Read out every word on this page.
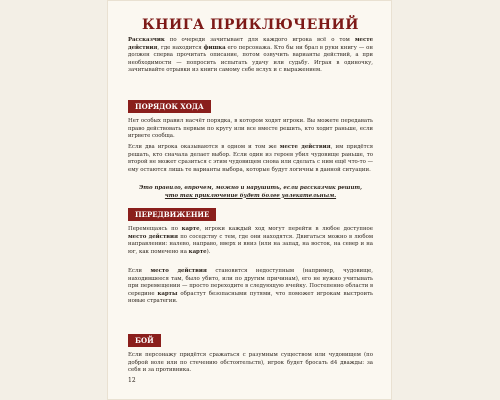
КНИГА ПРИКЛЮЧЕНИЙ
Рассказчик по очереди зачитывает для каждого игрока всё о том месте действия, где находится фишка его персонажа. Кто бы ни брал в руки книгу — он должен сперва прочитать описание, потом озвучить варианты действий, а при необходимости — попросить испытать удачу или судьбу. Играя в одиночку, зачитывайте отрывки из книги самому себе вслух и с выражением.
ПОРЯДОК ХОДА
Нет особых правил насчёт порядка, в котором ходят игроки. Вы можете передавать право действовать первым по кругу или все вместе решить, кто ходит раньше, если игрвете сообща.
Если два игрока оказываются в одном и том же месте действия, им придётся решать, кто сначала делает выбор. Если один из героев убил чудовище раньше, то второй не может сразиться с этим чудовищем снова или сделать с ним ещё что-то — ему остаются лишь те варианты выбора, которые будут логичны в данной ситуации.
Это правило, впрочем, можно и нарушить, если рассказчик решит,
что так приключение будет более увлекательным.
ПЕРЕДВИЖЕНИЕ
Перемещаясь по карте, игроки каждый ход могут перейти в любое доступное место действия по соседству с тем, где они находятся. Двигаться можно в любом направлении: налево, направо, вверх и вниз (или на запад, на восток, на север и на юг, как помечено на карте).
Если место действия становится недоступным (например, чудовище, находившееся там, было убито, или по другим причинам), его не нужно учитывать при перемещении — просто переходите в следующую ячейку. Постепенно области в середине карты обрастут безопасными путями, что поможет игрокам выстроить новые стратегии.
БОЙ
Если персонажу придётся сражаться с разумным существом или чудовищем (по доброй воле или по стечению обстоятельств), игрок будет бросать d4 дважды: за себя и за противника.
12
